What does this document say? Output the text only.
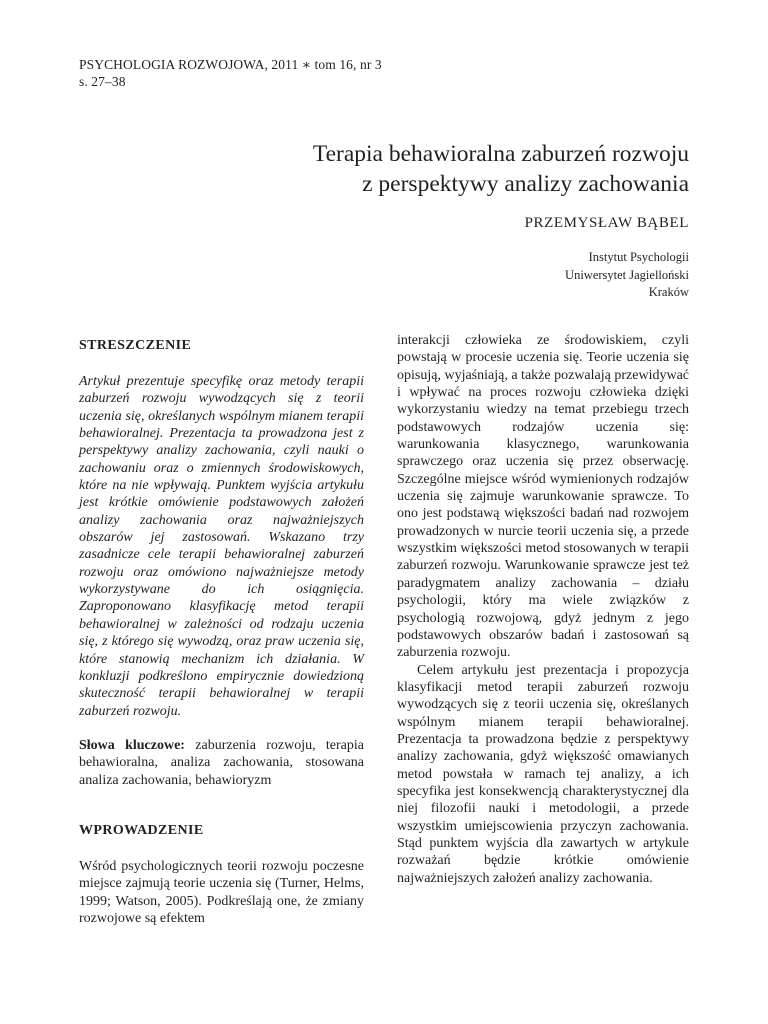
PSYCHOLOGIA ROZWOJOWA, 2011 ∗ tom 16, nr 3
s. 27–38
Terapia behawioralna zaburzeń rozwoju
z perspektywy analizy zachowania
PRZEMYSŁAW BĄBEL
Instytut Psychologii
Uniwersytet Jagielloński
Kraków
STRESZCZENIE

Artykuł prezentuje specyfikę oraz metody terapii zaburzeń rozwoju wywodzących się z teorii uczenia się, określanych wspólnym mianem terapii behawioralnej. Prezentacja ta prowadzona jest z perspektywy analizy zachowania, czyli nauki o zachowaniu oraz o zmiennych środowiskowych, które na nie wpływają. Punktem wyjścia artykułu jest krótkie omówienie podstawowych założeń analizy zachowania oraz najważniejszych obszarów jej zastosowań. Wskazano trzy zasadnicze cele terapii behawioralnej zaburzeń rozwoju oraz omówiono najważniejsze metody wykorzystywane do ich osiągnięcia. Zaproponowano klasyfikację metod terapii behawioralnej w zależności od rodzaju uczenia się, z którego się wywodzą, oraz praw uczenia się, które stanowią mechanizm ich działania. W konkluzji podkreślono empirycznie dowiedzioną skuteczność terapii behawioralnej w terapii zaburzeń rozwoju.

Słowa kluczowe: zaburzenia rozwoju, terapia behawioralna, analiza zachowania, stosowana analiza zachowania, behawioryzm

WPROWADZENIE

Wśród psychologicznych teorii rozwoju poczesne miejsce zajmują teorie uczenia się (Turner, Helms, 1999; Watson, 2005). Podkreślają one, że zmiany rozwojowe są efektem

interakcji człowieka ze środowiskiem, czyli powstają w procesie uczenia się. Teorie uczenia się opisują, wyjaśniają, a także pozwalają przewidywać i wpływać na proces rozwoju człowieka dzięki wykorzystaniu wiedzy na temat przebiegu trzech podstawowych rodzajów uczenia się: warunkowania klasycznego, warunkowania sprawczego oraz uczenia się przez obserwację. Szczególne miejsce wśród wymienionych rodzajów uczenia się zajmuje warunkowanie sprawcze. To ono jest podstawą większości badań nad rozwojem prowadzonych w nurcie teorii uczenia się, a przede wszystkim większości metod stosowanych w terapii zaburzeń rozwoju. Warunkowanie sprawcze jest też paradygmatem analizy zachowania – działu psychologii, który ma wiele związków z psychologią rozwojową, gdyż jednym z jego podstawowych obszarów badań i zastosowań są zaburzenia rozwoju.

Celem artykułu jest prezentacja i propozycja klasyfikacji metod terapii zaburzeń rozwoju wywodzących się z teorii uczenia się, określanych wspólnym mianem terapii behawioralnej. Prezentacja ta prowadzona będzie z perspektywy analizy zachowania, gdyż większość omawianych metod powstała w ramach tej analizy, a ich specyfika jest konsekwencją charakterystycznej dla niej filozofii nauki i metodologii, a przede wszystkim umiejscowienia przyczyn zachowania. Stąd punktem wyjścia dla zawartych w artykule rozważań będzie krótkie omówienie najważniejszych założeń analizy zachowania.
